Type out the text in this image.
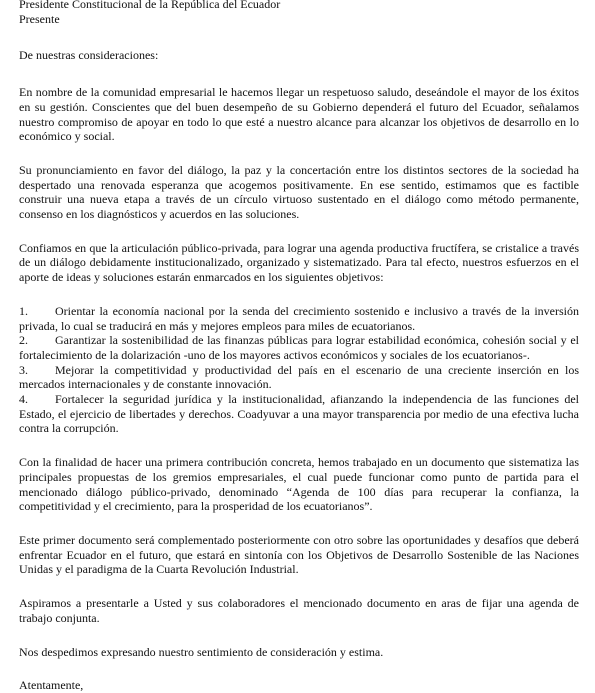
Presidente Constitucional de la República del Ecuador
Presente

De nuestras consideraciones:

En nombre de la comunidad empresarial le hacemos llegar un respetuoso saludo, deseándole el mayor de los éxitos en su gestión. Conscientes que del buen desempeño de su Gobierno dependerá el futuro del Ecuador, señalamos nuestro compromiso de apoyar en todo lo que esté a nuestro alcance para alcanzar los objetivos de desarrollo en lo económico y social.

Su pronunciamiento en favor del diálogo, la paz y la concertación entre los distintos sectores de la sociedad ha despertado una renovada esperanza que acogemos positivamente. En ese sentido, estimamos que es factible construir una nueva etapa a través de un círculo virtuoso sustentado en el diálogo como método permanente, consenso en los diagnósticos y acuerdos en las soluciones.

Confiamos en que la articulación público-privada, para lograr una agenda productiva fructífera, se cristalice a través de un diálogo debidamente institucionalizado, organizado y sistematizado. Para tal efecto, nuestros esfuerzos en el aporte de ideas y soluciones estarán enmarcados en los siguientes objetivos:

1. Orientar la economía nacional por la senda del crecimiento sostenido e inclusivo a través de la inversión privada, lo cual se traducirá en más y mejores empleos para miles de ecuatorianos.
2. Garantizar la sostenibilidad de las finanzas públicas para lograr estabilidad económica, cohesión social y el fortalecimiento de la dolarización -uno de los mayores activos económicos y sociales de los ecuatorianos-.
3. Mejorar la competitividad y productividad del país en el escenario de una creciente inserción en los mercados internacionales y de constante innovación.
4. Fortalecer la seguridad jurídica y la institucionalidad, afianzando la independencia de las funciones del Estado, el ejercicio de libertades y derechos. Coadyuvar a una mayor transparencia por medio de una efectiva lucha contra la corrupción.

Con la finalidad de hacer una primera contribución concreta, hemos trabajado en un documento que sistematiza las principales propuestas de los gremios empresariales, el cual puede funcionar como punto de partida para el mencionado diálogo público-privado, denominado “Agenda de 100 días para recuperar la confianza, la competitividad y el crecimiento, para la prosperidad de los ecuatorianos”.

Este primer documento será complementado posteriormente con otro sobre las oportunidades y desafíos que deberá enfrentar Ecuador en el futuro, que estará en sintonía con los Objetivos de Desarrollo Sostenible de las Naciones Unidas y el paradigma de la Cuarta Revolución Industrial.

Aspiramos a presentarle a Usted y sus colaboradores el mencionado documento en aras de fijar una agenda de trabajo conjunta.

Nos despedimos expresando nuestro sentimiento de consideración y estima.

Atentamente,
